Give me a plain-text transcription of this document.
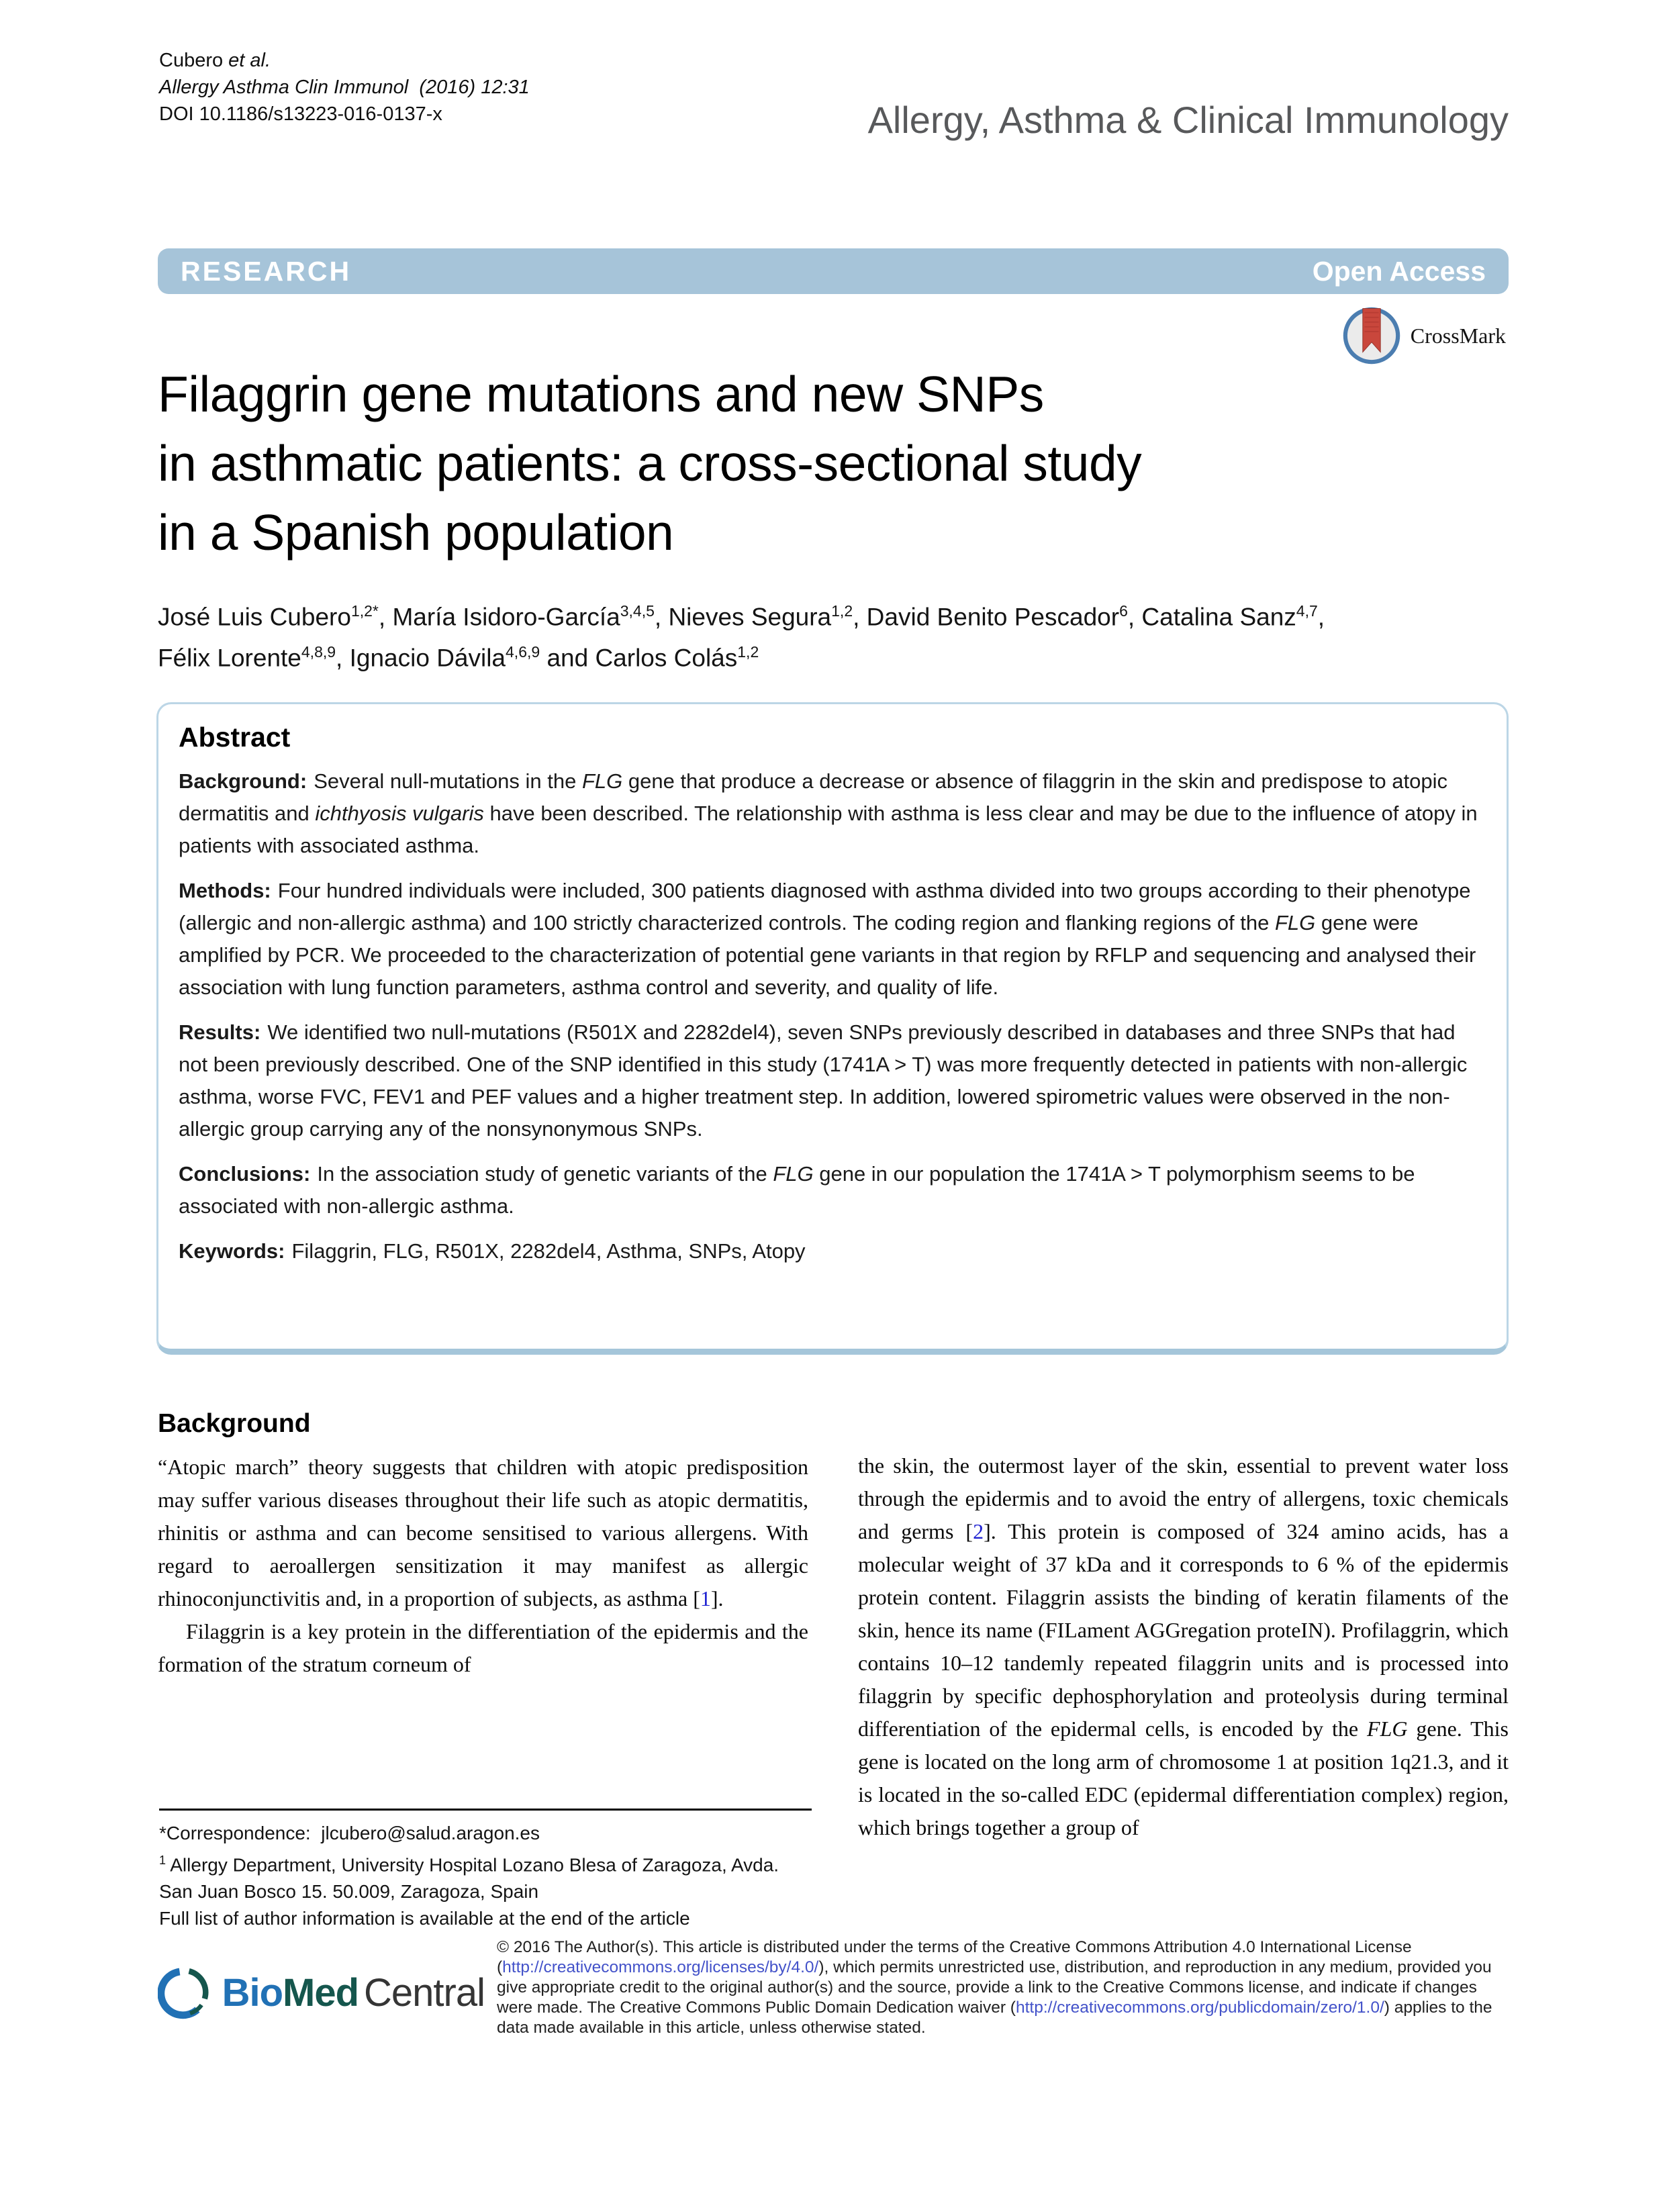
Cubero et al.
Allergy Asthma Clin Immunol  (2016) 12:31
DOI 10.1186/s13223-016-0137-x	Allergy, Asthma & Clinical Immunology
RESEARCH	Open Access
CrossMark
Filaggrin gene mutations and new SNPs
in asthmatic patients: a cross-sectional study
in a Spanish population
José Luis Cubero$^{1,2*}$, María Isidoro-García$^{3,4,5}$, Nieves Segura$^{1,2}$, David Benito Pescador$^6$, Catalina Sanz$^{4,7}$,
Félix Lorente$^{4,8,9}$, Ignacio Dávila$^{4,6,9}$ and Carlos Colás$^{1,2}$
Abstract

Background: Several null-mutations in the FLG gene that produce a decrease or absence of filaggrin in the skin and predispose to atopic dermatitis and ichthyosis vulgaris have been described. The relationship with asthma is less clear and may be due to the influence of atopy in patients with associated asthma.

Methods: Four hundred individuals were included, 300 patients diagnosed with asthma divided into two groups according to their phenotype (allergic and non-allergic asthma) and 100 strictly characterized controls. The coding region and flanking regions of the FLG gene were amplified by PCR. We proceeded to the characterization of potential gene variants in that region by RFLP and sequencing and analysed their association with lung function parameters, asthma control and severity, and quality of life.

Results: We identified two null-mutations (R501X and 2282del4), seven SNPs previously described in databases and three SNPs that had not been previously described. One of the SNP identified in this study (1741A > T) was more frequently detected in patients with non-allergic asthma, worse FVC, FEV1 and PEF values and a higher treatment step. In addition, lowered spirometric values were observed in the non-allergic group carrying any of the nonsynonymous SNPs.

Conclusions: In the association study of genetic variants of the FLG gene in our population the 1741A > T polymorphism seems to be associated with non-allergic asthma.

Keywords: Filaggrin, FLG, R501X, 2282del4, Asthma, SNPs, Atopy

Background

“Atopic march” theory suggests that children with atopic predisposition may suffer various diseases throughout their life such as atopic dermatitis, rhinitis or asthma and can become sensitised to various allergens. With regard to aeroallergen sensitization it may manifest as allergic rhinoconjunctivitis and, in a proportion of subjects, as asthma [1].

Filaggrin is a key protein in the differentiation of the epidermis and the formation of the stratum corneum of

the skin, the outermost layer of the skin, essential to prevent water loss through the epidermis and to avoid the entry of allergens, toxic chemicals and germs [2]. This protein is composed of 324 amino acids, has a molecular weight of 37 kDa and it corresponds to 6 % of the epidermis protein content. Filaggrin assists the binding of keratin filaments of the skin, hence its name (FILament AGGregation proteIN). Profilaggrin, which contains 10–12 tandemly repeated filaggrin units and is processed into filaggrin by specific dephosphorylation and proteolysis during terminal differentiation of the epidermal cells, is encoded by the FLG gene. This gene is located on the long arm of chromosome 1 at position 1q21.3, and it is located in the so-called EDC (epidermal differentiation complex) region, which brings together a group of

*Correspondence:  jlcubero@salud.aragon.es
$^1$ Allergy Department, University Hospital Lozano Blesa of Zaragoza, Avda. San Juan Bosco 15. 50.009, Zaragoza, Spain
Full list of author information is available at the end of the article
BioMed Central
© 2016 The Author(s). This article is distributed under the terms of the Creative Commons Attribution 4.0 International License (http://creativecommons.org/licenses/by/4.0/), which permits unrestricted use, distribution, and reproduction in any medium, provided you give appropriate credit to the original author(s) and the source, provide a link to the Creative Commons license, and indicate if changes were made. The Creative Commons Public Domain Dedication waiver (http://creativecommons.org/publicdomain/zero/1.0/) applies to the data made available in this article, unless otherwise stated.
